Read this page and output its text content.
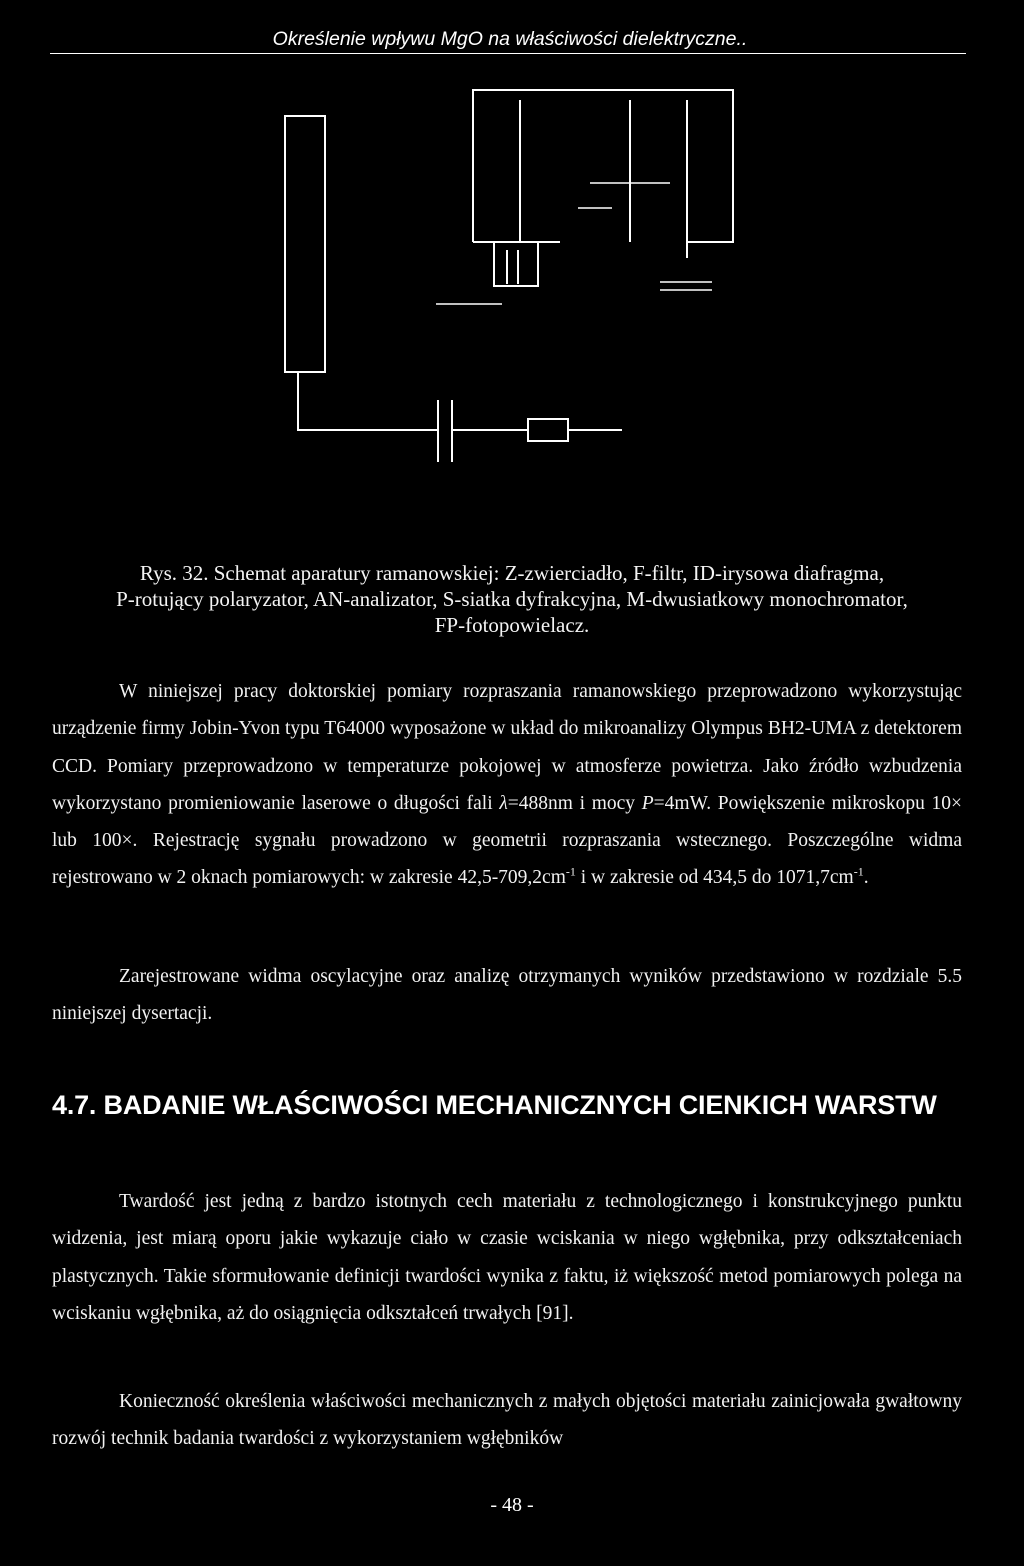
Określenie wpływu MgO na właściwości dielektryczne..

Rys. 32. Schemat aparatury ramanowskiej: Z-zwierciadło, F-filtr, ID-irysowa diafragma,

P-rotujący polaryzator, AN-analizator, S-siatka dyfrakcyjna, M-dwusiatkowy monochromator,

FP-fotopowielacz.

W niniejszej pracy doktorskiej pomiary rozpraszania ramanowskiego przeprowadzono wykorzystując urządzenie firmy Jobin-Yvon typu T64000 wyposażone w układ do mikroanalizy Olympus BH2-UMA z detektorem CCD. Pomiary przeprowadzono w temperaturze pokojowej w atmosferze powietrza. Jako źródło wzbudzenia wykorzystano promieniowanie laserowe o długości fali λ=488nm i mocy P=4mW. Powiększenie mikroskopu 10× lub 100×. Rejestrację sygnału prowadzono w geometrii rozpraszania wstecznego. Poszczególne widma rejestrowano w 2 oknach pomiarowych: w zakresie $42,5-709,2cm^{-1}$ i w zakresie od 434,5 do $1071,7cm^{-1}$.

Zarejestrowane widma oscylacyjne oraz analizę otrzymanych wyników przedstawiono w rozdziale 5.5 niniejszej dysertacji.

4.7. BADANIE WŁAŚCIWOŚCI MECHANICZNYCH CIENKICH WARSTW

Twardość jest jedną z bardzo istotnych cech materiału z technologicznego i konstrukcyjnego punktu widzenia, jest miarą oporu jakie wykazuje ciało w czasie wciskania w niego wgłębnika, przy odkształceniach plastycznych. Takie sformułowanie definicji twardości wynika z faktu, iż większość metod pomiarowych polega na wciskaniu wgłębnika, aż do osiągnięcia odkształceń trwałych [91].

Konieczność określenia właściwości mechanicznych z małych objętości materiału zainicjowała gwałtowny rozwój technik badania twardości z wykorzystaniem wgłębników

- 48 -
